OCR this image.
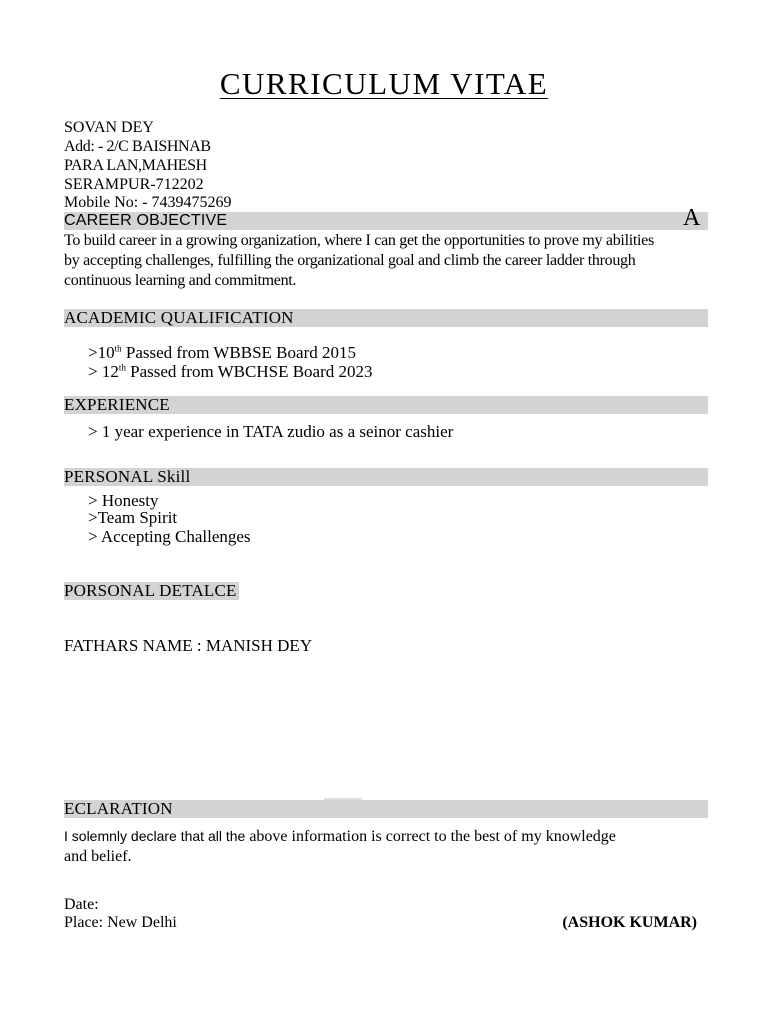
CURRICULUM VITAE
SOVAN DEY
Add: - 2/C BAISHNAB
PARA LAN,MAHESH
SERAMPUR-712202
Mobile No: - 7439475269
CAREER OBJECTIVE	A
To build career in a growing organization, where I can get the opportunities to prove my abilities
by accepting challenges, fulfilling the organizational goal and climb the career ladder through
continuous learning and commitment.
ACADEMIC QUALIFICATION
>10th Passed from WBBSE Board 2015
> 12th Passed from WBCHSE Board 2023
EXPERIENCE
> 1 year experience in TATA zudio as a seinor cashier
PERSONAL Skill
> Honesty
>Team Spirit
> Accepting Challenges
PORSONAL DETALCE
FATHARS NAME : MANISH DEY
ECLARATION
I solemnly declare that all the above information is correct to the best of my knowledge
and belief.
Date:
Place: New Delhi	(ASHOK KUMAR)
